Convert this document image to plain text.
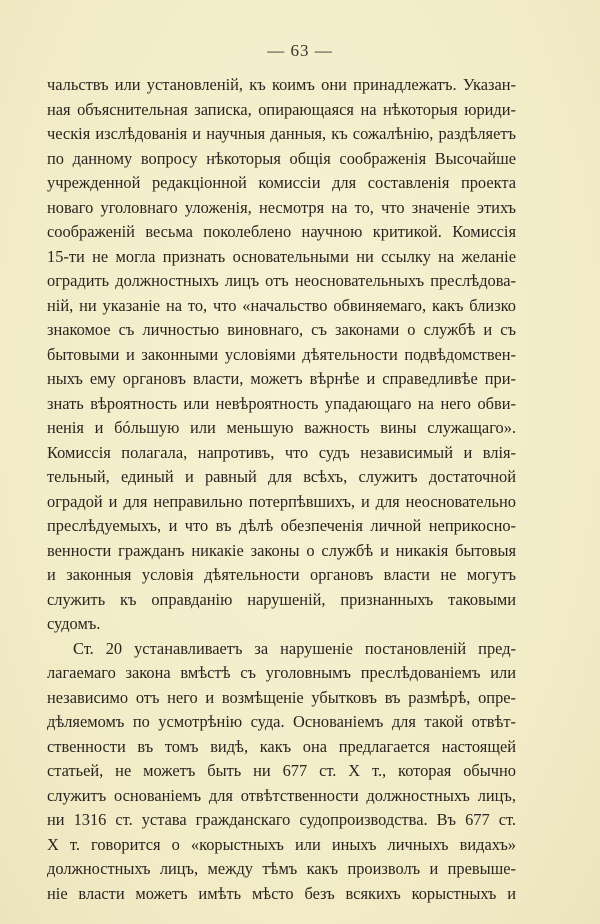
— 63 —
чальствъ или установленій, къ коимъ они принадлежатъ. Указан-
ная объяснительная записка, опирающаяся на нѣкоторыя юриди-
ческія изслѣдованія и научныя данныя, къ сожалѣнію, раздѣляетъ
по данному вопросу нѣкоторыя общія соображенія Высочайше
учрежденной редакціонной комиссіи для составленія проекта
новаго уголовнаго уложенія, несмотря на то, что значеніе этихъ
соображеній весьма поколеблено научною критикой. Комиссія
15-ти не могла признать основательными ни ссылку на желаніе
оградить должностныхъ лицъ отъ неосновательныхъ преслѣдова-
ній, ни указаніе на то, что «начальство обвиняемаго, какъ близко
знакомое съ личностью виновнаго, съ законами о службѣ и съ
бытовыми и законными условіями дѣятельности подвѣдомствен-
ныхъ ему органовъ власти, можетъ вѣрнѣе и справедливѣе при-
знать вѣроятность или невѣроятность упадающаго на него обви-
ненія и бóльшую или меньшую важность вины служащаго».
Комиссія полагала, напротивъ, что судъ независимый и влія-
тельный, единый и равный для всѣхъ, служитъ достаточной
оградой и для неправильно потерпѣвшихъ, и для неосновательно
преслѣдуемыхъ, и что въ дѣлѣ обезпеченія личной неприкосно-
венности гражданъ никакіе законы о службѣ и никакія бытовыя
и законныя условія дѣятельности органовъ власти не могутъ
служить къ оправданію нарушеній, признанныхъ таковыми
судомъ.
Ст. 20 устанавливаетъ за нарушеніе постановленій пред-
лагаемаго закона вмѣстѣ съ уголовнымъ преслѣдованіемъ или
независимо отъ него и возмѣщеніе убытковъ въ размѣрѣ, опре-
дѣляемомъ по усмотрѣнію суда. Основаніемъ для такой отвѣт-
ственности въ томъ видѣ, какъ она предлагается настоящей
статьей, не можетъ быть ни 677 ст. X т., которая обычно
служитъ основаніемъ для отвѣтственности должностныхъ лицъ,
ни 1316 ст. устава гражданскаго судопроизводства. Въ 677 ст.
X т. говорится о «корыстныхъ или иныхъ личныхъ видахъ»
должностныхъ лицъ, между тѣмъ какъ произволъ и превыше-
ніе власти можетъ имѣть мѣсто безъ всякихъ корыстныхъ и
